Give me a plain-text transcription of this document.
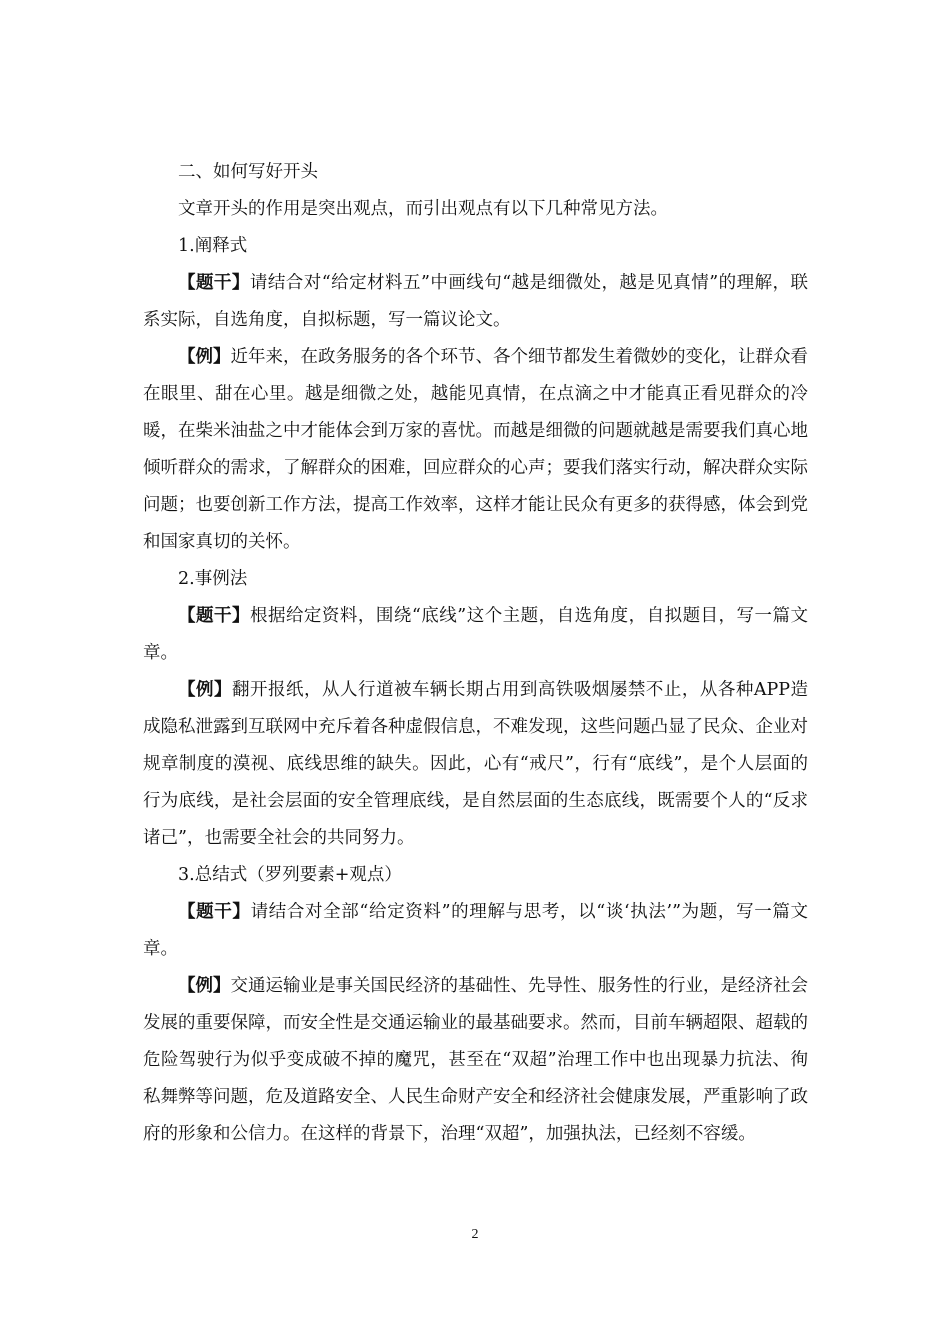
二、如何写好开头

文章开头的作用是突出观点，而引出观点有以下几种常见方法。

1.阐释式

【题干】请结合对“给定材料五”中画线句“越是细微处，越是见真情”的理解，联系实际，自选角度，自拟标题，写一篇议论文。

【例】近年来，在政务服务的各个环节、各个细节都发生着微妙的变化，让群众看在眼里、甜在心里。越是细微之处，越能见真情，在点滴之中才能真正看见群众的冷暖，在柴米油盐之中才能体会到万家的喜忧。而越是细微的问题就越是需要我们真心地倾听群众的需求，了解群众的困难，回应群众的心声；要我们落实行动，解决群众实际问题；也要创新工作方法，提高工作效率，这样才能让民众有更多的获得感，体会到党和国家真切的关怀。

2.事例法

【题干】根据给定资料，围绕“底线”这个主题，自选角度，自拟题目，写一篇文章。

【例】翻开报纸，从人行道被车辆长期占用到高铁吸烟屡禁不止，从各种APP造成隐私泄露到互联网中充斥着各种虚假信息，不难发现，这些问题凸显了民众、企业对规章制度的漠视、底线思维的缺失。因此，心有“戒尺”，行有“底线”，是个人层面的行为底线，是社会层面的安全管理底线，是自然层面的生态底线，既需要个人的“反求诸己”，也需要全社会的共同努力。

3.总结式（罗列要素+观点）

【题干】请结合对全部“给定资料”的理解与思考，以“谈‘执法’”为题，写一篇文章。

【例】交通运输业是事关国民经济的基础性、先导性、服务性的行业，是经济社会发展的重要保障，而安全性是交通运输业的最基础要求。然而，目前车辆超限、超载的危险驾驶行为似乎变成破不掉的魔咒，甚至在“双超”治理工作中也出现暴力抗法、徇私舞弊等问题，危及道路安全、人民生命财产安全和经济社会健康发展，严重影响了政府的形象和公信力。在这样的背景下，治理“双超”，加强执法，已经刻不容缓。

2
